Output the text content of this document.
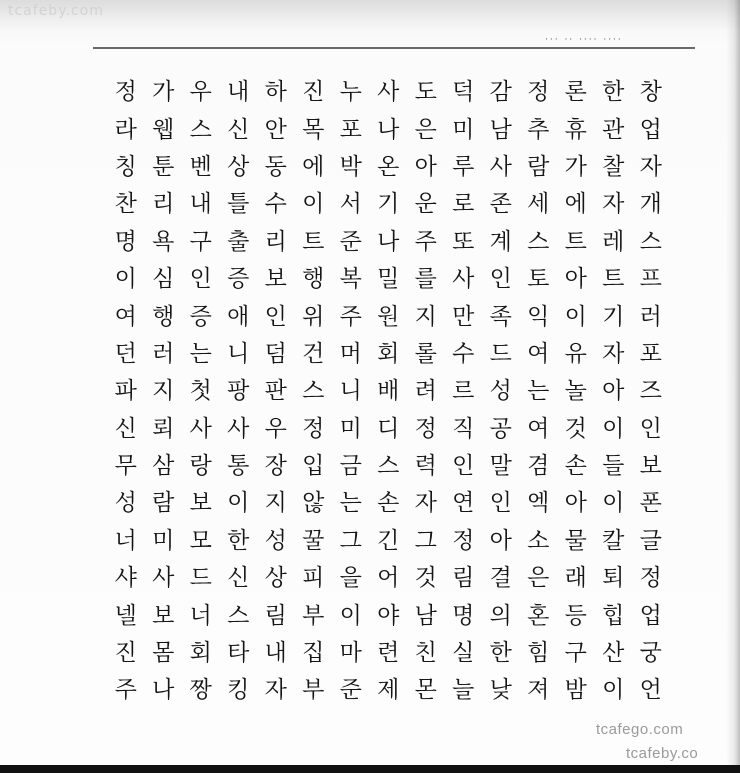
tcafeby.com
··· ·· ···· ····
정 가 우 내 하 진 누 사 도 덕 감 정 론 한 창
라 웹 스 신 안 목 포 나 은 미 남 추 휴 관 업
칭 툰 벤 상 동 에 박 온 아 루 사 람 가 찰 자
찬 리 내 틀 수 이 서 기 운 로 존 세 에 자 개
명 욕 구 출 리 트 준 나 주 또 계 스 트 레 스
이 심 인 증 보 행 복 밀 를 사 인 토 아 트 프
여 행 증 애 인 위 주 원 지 만 족 익 이 기 러
던 러 는 니 덤 건 머 회 롤 수 드 여 유 자 포
파 지 첫 팡 판 스 니 배 려 르 성 는 놀 아 즈
신 뢰 사 사 우 정 미 디 정 직 공 여 것 이 인
무 삼 랑 통 장 입 금 스 력 인 말 겸 손 들 보
성 람 보 이 지 않 는 손 자 연 인 엑 아 이 폰
너 미 모 한 성 꿀 그 긴 그 정 아 소 물 칼 글
샤 사 드 신 상 피 을 어 것 림 결 은 래 퇴 정
넬 보 너 스 림 부 이 야 남 명 의 혼 등 힙 업
진 몸 회 타 내 집 마 련 친 실 한 힘 구 산 궁
주 나 짱 킹 자 부 준 제 몬 늘 낮 져 밤 이 언
tcafego.com
tcafeby.co
